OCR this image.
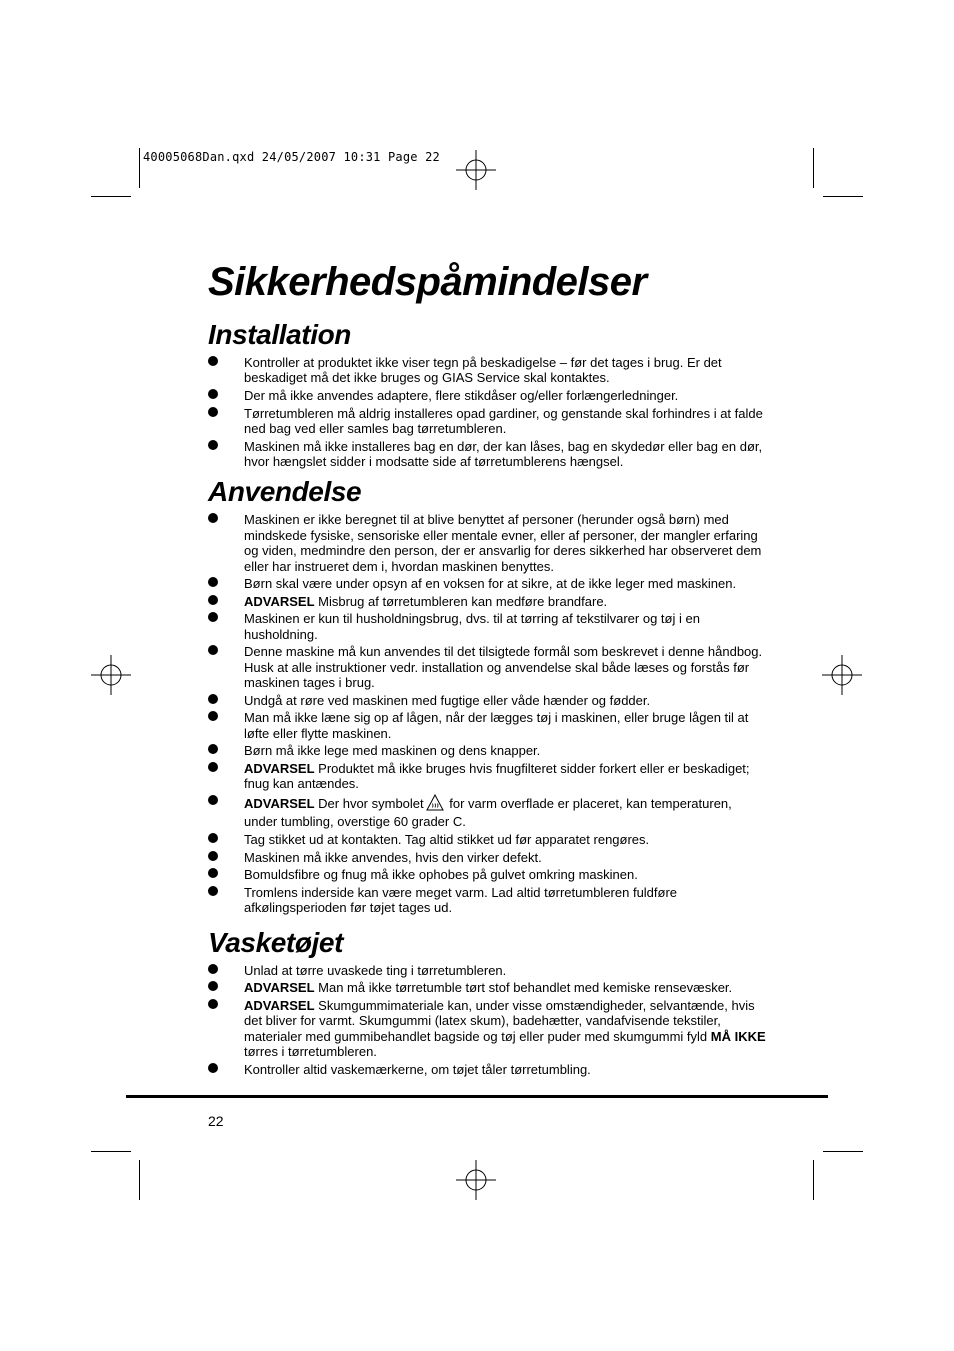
40005068Dan.qxd 24/05/2007 10:31 Page 22
Sikkerhedspåmindelser
Installation
Kontroller at produktet ikke viser tegn på beskadigelse – før det tages i brug. Er det beskadiget må det ikke bruges og GIAS Service skal kontaktes.
Der må ikke anvendes adaptere, flere stikdåser og/eller forlængerledninger.
Tørretumbleren må aldrig installeres opad gardiner, og genstande skal forhindres i at falde ned bag ved eller samles bag tørretumbleren.
Maskinen må ikke installeres bag en dør, der kan låses, bag en skydedør eller bag en dør, hvor hængslet sidder i modsatte side af tørretumblerens hængsel.
Anvendelse
Maskinen er ikke beregnet til at blive benyttet af personer (herunder også børn) med mindskede fysiske, sensoriske eller mentale evner, eller af personer, der mangler erfaring og viden, medmindre den person, der er ansvarlig for deres sikkerhed har observeret dem eller har instrueret dem i, hvordan maskinen benyttes.
Børn skal være under opsyn af en voksen for at sikre, at de ikke leger med maskinen.
ADVARSEL Misbrug af tørretumbleren kan medføre brandfare.
Maskinen er kun til husholdningsbrug, dvs. til at tørring af tekstilvarer og tøj i en husholdning.
Denne maskine må kun anvendes til det tilsigtede formål som beskrevet i denne håndbog. Husk at alle instruktioner vedr. installation og anvendelse skal både læses og forstås før maskinen tages i brug.
Undgå at røre ved maskinen med fugtige eller våde hænder og fødder.
Man må ikke læne sig op af lågen, når der lægges tøj i maskinen, eller bruge lågen til at løfte eller flytte maskinen.
Børn må ikke lege med maskinen og dens knapper.
ADVARSEL Produktet må ikke bruges hvis fnugfilteret sidder forkert eller er beskadiget; fnug kan antændes.
ADVARSEL Der hvor symbolet for varm overflade er placeret, kan temperaturen, under tumbling, overstige 60 grader C.
Tag stikket ud at kontakten. Tag altid stikket ud før apparatet rengøres.
Maskinen må ikke anvendes, hvis den virker defekt.
Bomuldsfibre og fnug må ikke ophobes på gulvet omkring maskinen.
Tromlens inderside kan være meget varm. Lad altid tørretumbleren fuldføre afkølingsperioden før tøjet tages ud.
Vasketøjet
Unlad at tørre uvaskede ting i tørretumbleren.
ADVARSEL Man må ikke tørretumble tørt stof behandlet med kemiske rensevæsker.
ADVARSEL Skumgummimateriale kan, under visse omstændigheder, selvantænde, hvis det bliver for varmt. Skumgummi (latex skum), badehætter, vandafvisende tekstiler, materialer med gummibehandlet bagside og tøj eller puder med skumgummi fyld MÅ IKKE tørres i tørretumbleren.
Kontroller altid vaskemærkerne, om tøjet tåler tørretumbling.
22
